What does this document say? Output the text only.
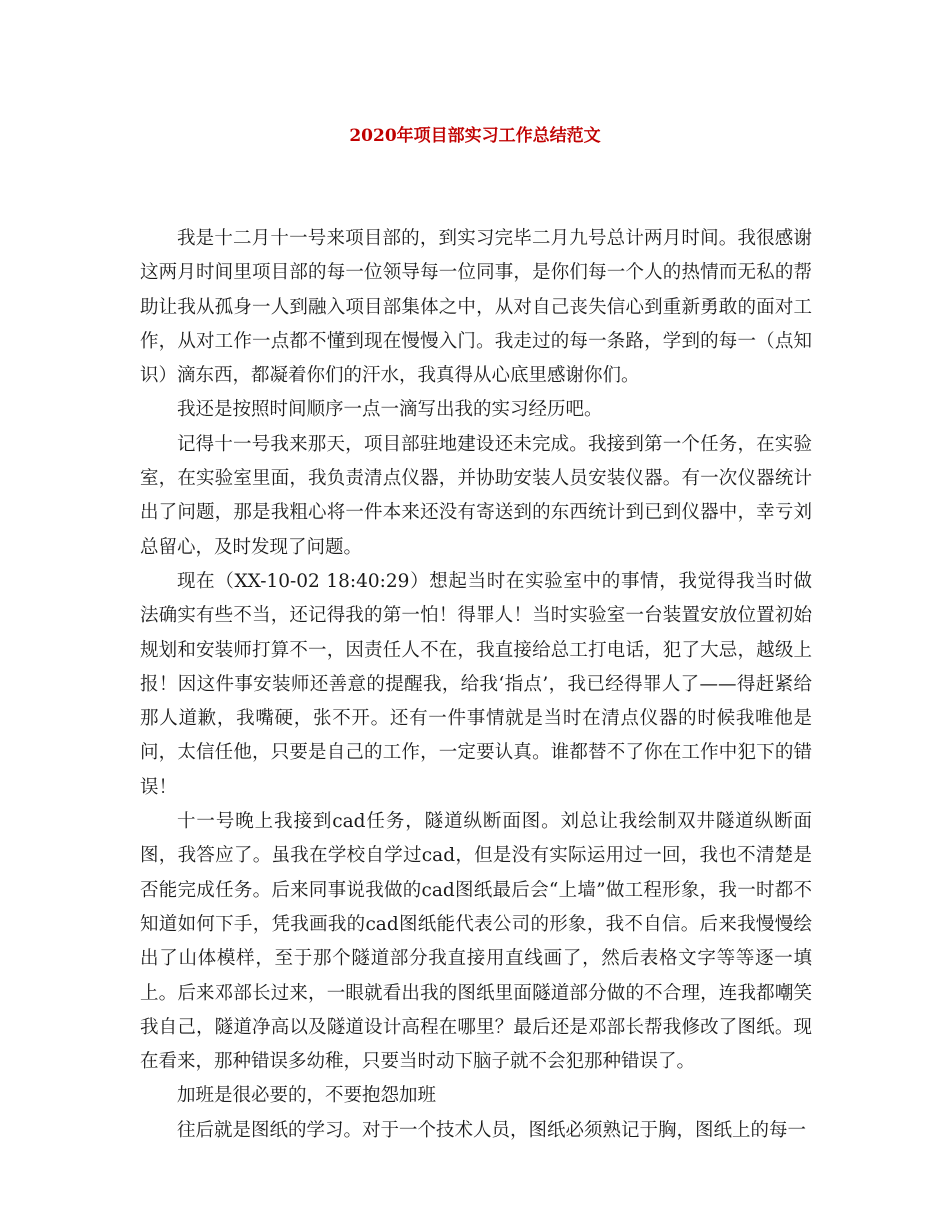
2020年项目部实习工作总结范文

我是十二月十一号来项目部的，到实习完毕二月九号总计两月时间。我很感谢这两月时间里项目部的每一位领导每一位同事，是你们每一个人的热情而无私的帮助让我从孤身一人到融入项目部集体之中，从对自己丧失信心到重新勇敢的面对工作，从对工作一点都不懂到现在慢慢入门。我走过的每一条路，学到的每一（点知识）滴东西，都凝着你们的汗水，我真得从心底里感谢你们。

我还是按照时间顺序一点一滴写出我的实习经历吧。

记得十一号我来那天，项目部驻地建设还未完成。我接到第一个任务，在实验室，在实验室里面，我负责清点仪器，并协助安装人员安装仪器。有一次仪器统计出了问题，那是我粗心将一件本来还没有寄送到的东西统计到已到仪器中，幸亏刘总留心，及时发现了问题。

现在（XX-10-02 18:40:29）想起当时在实验室中的事情，我觉得我当时做法确实有些不当，还记得我的第一怕！得罪人！当时实验室一台装置安放位置初始规划和安装师打算不一，因责任人不在，我直接给总工打电话，犯了大忌，越级上报！因这件事安装师还善意的提醒我，给我‘指点’，我已经得罪人了——得赶紧给那人道歉，我嘴硬，张不开。还有一件事情就是当时在清点仪器的时候我唯他是问，太信任他，只要是自己的工作，一定要认真。谁都替不了你在工作中犯下的错误！

十一号晚上我接到cad任务，隧道纵断面图。刘总让我绘制双井隧道纵断面图，我答应了。虽我在学校自学过cad，但是没有实际运用过一回，我也不清楚是否能完成任务。后来同事说我做的cad图纸最后会“上墙”做工程形象，我一时都不知道如何下手，凭我画我的cad图纸能代表公司的形象，我不自信。后来我慢慢绘出了山体模样，至于那个隧道部分我直接用直线画了，然后表格文字等等逐一填上。后来邓部长过来，一眼就看出我的图纸里面隧道部分做的不合理，连我都嘲笑我自己，隧道净高以及隧道设计高程在哪里？最后还是邓部长帮我修改了图纸。现在看来，那种错误多幼稚，只要当时动下脑子就不会犯那种错误了。

加班是很必要的，不要抱怨加班

往后就是图纸的学习。对于一个技术人员，图纸必须熟记于胸，图纸上的每一
